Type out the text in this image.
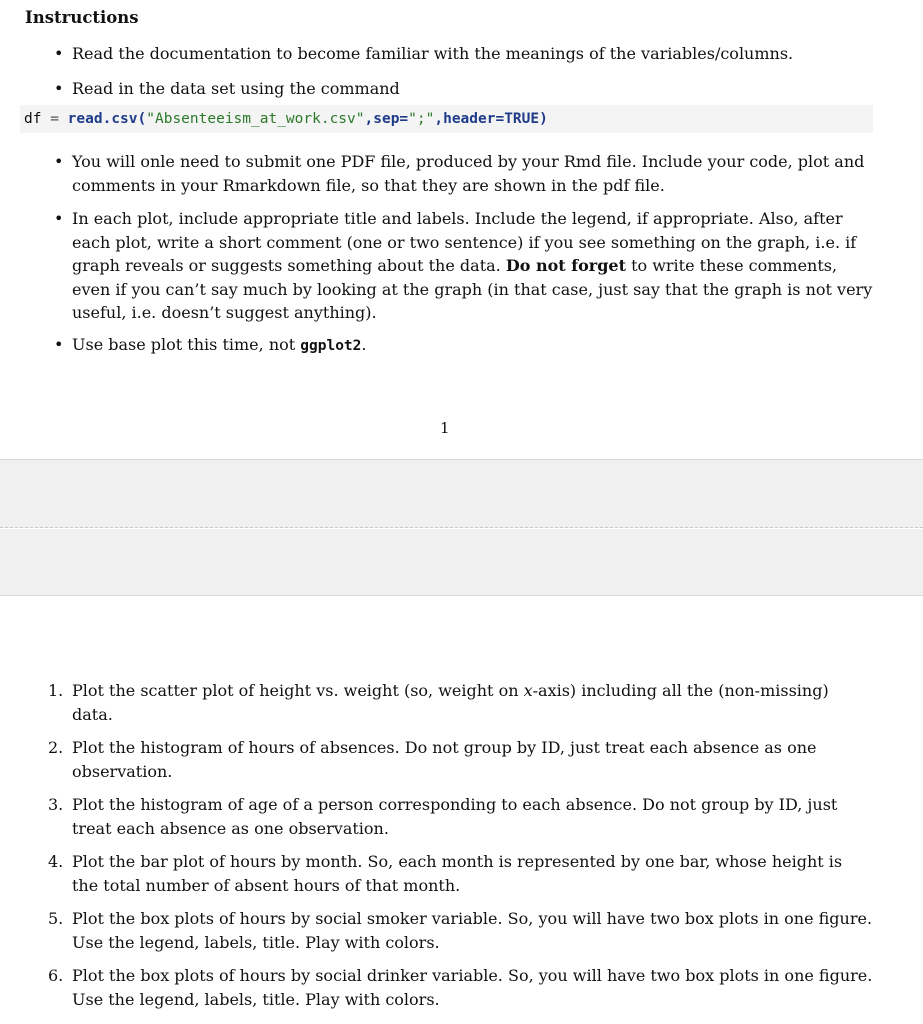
Instructions
• Read the documentation to become familiar with the meanings of the variables/columns.
• Read in the data set using the command
df = read.csv("Absenteeism_at_work.csv",sep=";",header=TRUE)
• You will onle need to submit one PDF file, produced by your Rmd file. Include your code, plot and comments in your Rmarkdown file, so that they are shown in the pdf file.
• In each plot, include appropriate title and labels. Include the legend, if appropriate. Also, after each plot, write a short comment (one or two sentence) if you see something on the graph, i.e. if graph reveals or suggests something about the data. Do not forget to write these comments, even if you can’t say much by looking at the graph (in that case, just say that the graph is not very useful, i.e. doesn’t suggest anything).
• Use base plot this time, not ggplot2.
1
1. Plot the scatter plot of height vs. weight (so, weight on x-axis) including all the (non-missing) data.
2. Plot the histogram of hours of absences. Do not group by ID, just treat each absence as one observation.
3. Plot the histogram of age of a person corresponding to each absence. Do not group by ID, just treat each absence as one observation.
4. Plot the bar plot of hours by month. So, each month is represented by one bar, whose height is the total number of absent hours of that month.
5. Plot the box plots of hours by social smoker variable. So, you will have two box plots in one figure. Use the legend, labels, title. Play with colors.
6. Plot the box plots of hours by social drinker variable. So, you will have two box plots in one figure. Use the legend, labels, title. Play with colors.
